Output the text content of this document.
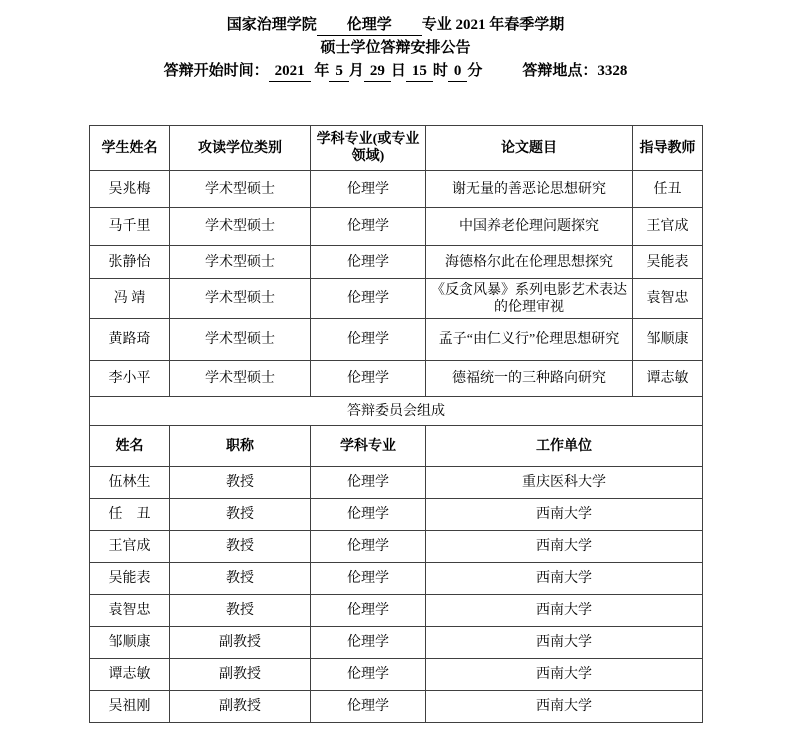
国家治理学院 伦理学 专业 2021 年春季学期
硕士学位答辩安排公告
答辩开始时间： 2021 年 5 月 29 日 15 时 0 分	答辩地点：3328
学生姓名	攻读学位类别	学科专业(或专业领域)	论文题目	指导教师
吴兆梅	学术型硕士	伦理学	谢无量的善恶论思想研究	任丑
马千里	学术型硕士	伦理学	中国养老伦理问题探究	王官成
张静怡	学术型硕士	伦理学	海德格尔此在伦理思想探究	吴能表
冯 靖	学术型硕士	伦理学	《反贪风暴》系列电影艺术表达的伦理审视	袁智忠
黄路琦	学术型硕士	伦理学	孟子“由仁义行”伦理思想研究	邹顺康
李小平	学术型硕士	伦理学	德福统一的三种路向研究	谭志敏
答辩委员会组成				
姓名	职称	学科专业	工作单位	
伍林生	教授	伦理学	重庆医科大学	
任　丑	教授	伦理学	西南大学	
王官成	教授	伦理学	西南大学	
吴能表	教授	伦理学	西南大学	
袁智忠	教授	伦理学	西南大学	
邹顺康	副教授	伦理学	西南大学	
谭志敏	副教授	伦理学	西南大学	
吴祖刚	副教授	伦理学	西南大学	
